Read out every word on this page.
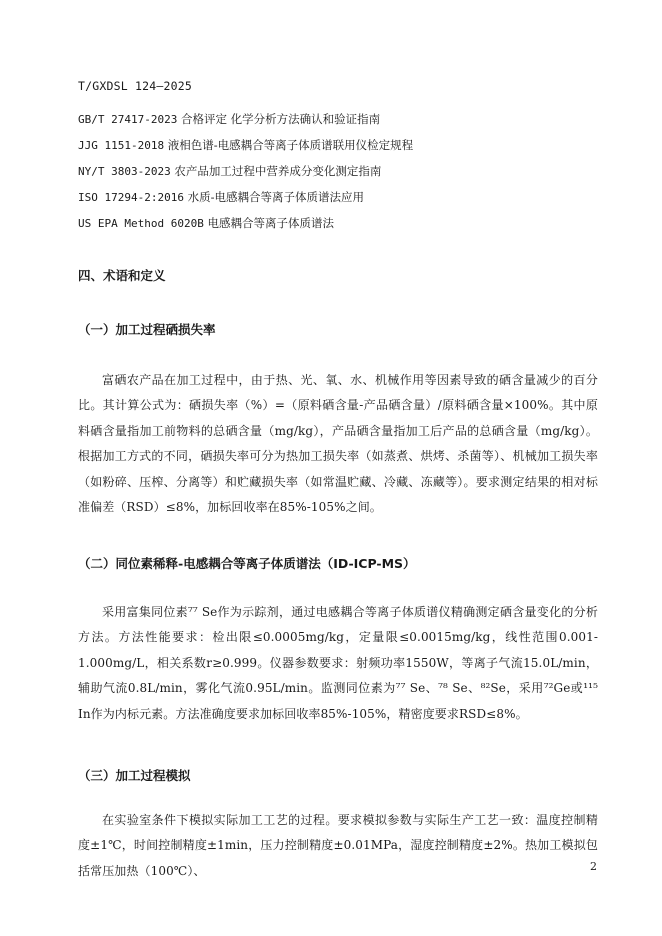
T/GXDSL 124—2025
GB/T 27417-2023 合格评定 化学分析方法确认和验证指南
JJG 1151-2018 液相色谱-电感耦合等离子体质谱联用仪检定规程
NY/T 3803-2023 农产品加工过程中营养成分变化测定指南
ISO 17294-2:2016 水质-电感耦合等离子体质谱法应用
US EPA Method 6020B 电感耦合等离子体质谱法
四、术语和定义
（一）加工过程硒损失率

富硒农产品在加工过程中，由于热、光、氧、水、机械作用等因素导致的硒含量减少的百分比。其计算公式为：硒损失率（%）=（原料硒含量-产品硒含量）/原料硒含量×100%。其中原料硒含量指加工前物料的总硒含量（mg/kg），产品硒含量指加工后产品的总硒含量（mg/kg）。根据加工方式的不同，硒损失率可分为热加工损失率（如蒸煮、烘烤、杀菌等）、机械加工损失率（如粉碎、压榨、分离等）和贮藏损失率（如常温贮藏、冷藏、冻藏等）。要求测定结果的相对标准偏差（RSD）≤8%，加标回收率在85%-105%之间。

（二）同位素稀释-电感耦合等离子体质谱法（ID-ICP-MS）

采用富集同位素⁷⁷ Se作为示踪剂，通过电感耦合等离子体质谱仪精确测定硒含量变化的分析方法。方法性能要求：检出限≤0.0005mg/kg，定量限≤0.0015mg/kg，线性范围0.001-1.000mg/L，相关系数r≥0.999。仪器参数要求：射频功率1550W，等离子气流15.0L/min，辅助气流0.8L/min，雾化气流0.95L/min。监测同位素为⁷⁷ Se、⁷⁸ Se、⁸²Se，采用⁷²Ge或¹¹⁵ In作为内标元素。方法准确度要求加标回收率85%-105%，精密度要求RSD≤8%。

（三）加工过程模拟

在实验室条件下模拟实际加工工艺的过程。要求模拟参数与实际生产工艺一致：温度控制精度±1℃，时间控制精度±1min，压力控制精度±0.01MPa，湿度控制精度±2%。热加工模拟包括常压加热（100℃）、	2
